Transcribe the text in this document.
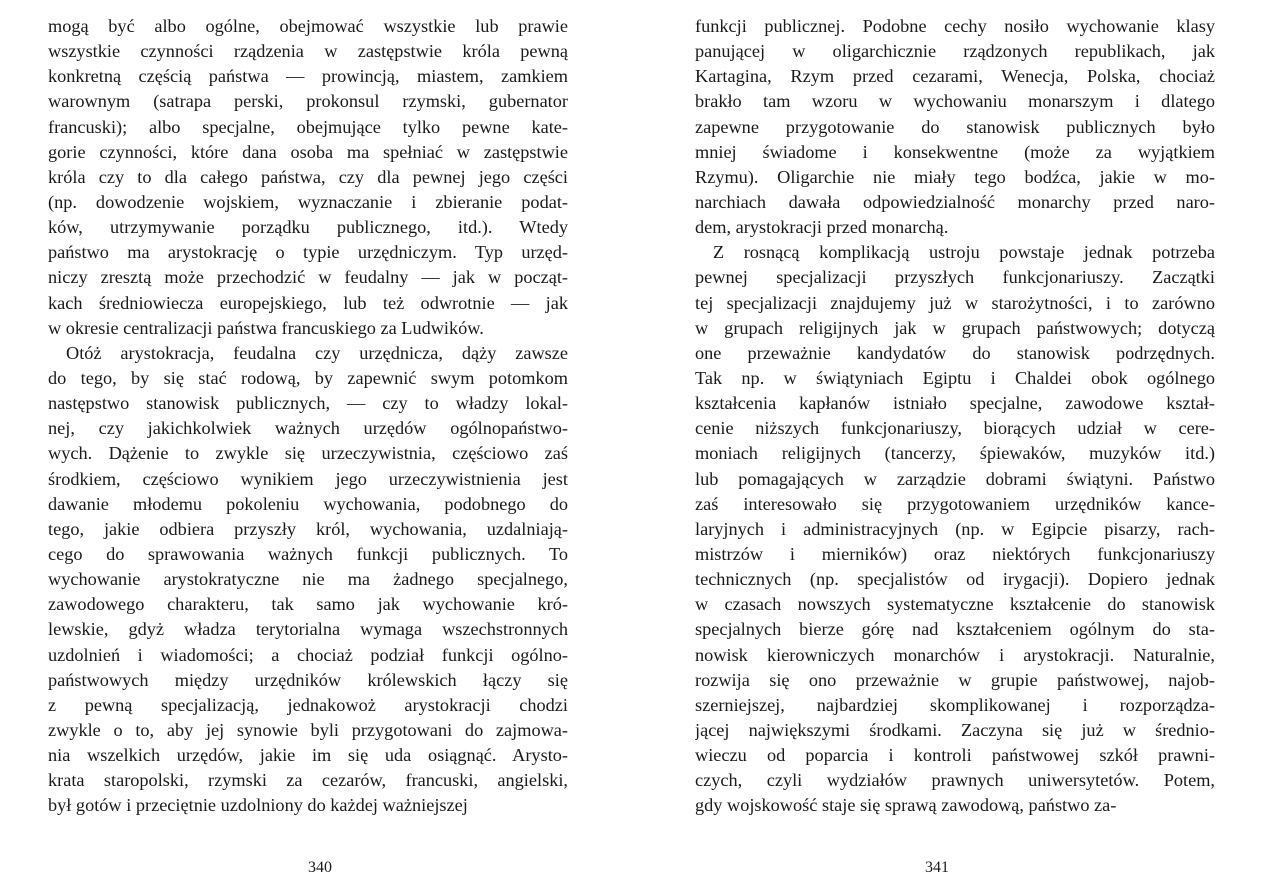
mogą być albo ogólne, obejmować wszystkie lub prawie
wszystkie czynności rządzenia w zastępstwie króla pewną
konkretną częścią państwa — prowincją, miastem, zamkiem
warownym (satrapa perski, prokonsul rzymski, gubernator
francuski); albo specjalne, obejmujące tylko pewne kate-
gorie czynności, które dana osoba ma spełniać w zastępstwie
króla czy to dla całego państwa, czy dla pewnej jego części
(np. dowodzenie wojskiem, wyznaczanie i zbieranie podat-
ków, utrzymywanie porządku publicznego, itd.). Wtedy
państwo ma arystokrację o typie urzędniczym. Typ urzęd-
niczy zresztą może przechodzić w feudalny — jak w począt-
kach średniowiecza europejskiego, lub też odwrotnie — jak
w okresie centralizacji państwa francuskiego za Ludwików.
Otóż arystokracja, feudalna czy urzędnicza, dąży zawsze
do tego, by się stać rodową, by zapewnić swym potomkom
następstwo stanowisk publicznych, — czy to władzy lokal-
nej, czy jakichkolwiek ważnych urzędów ogólnopaństwo-
wych. Dążenie to zwykle się urzeczywistnia, częściowo zaś
środkiem, częściowo wynikiem jego urzeczywistnienia jest
dawanie młodemu pokoleniu wychowania, podobnego do
tego, jakie odbiera przyszły król, wychowania, uzdalniają-
cego do sprawowania ważnych funkcji publicznych. To
wychowanie arystokratyczne nie ma żadnego specjalnego,
zawodowego charakteru, tak samo jak wychowanie kró-
lewskie, gdyż władza terytorialna wymaga wszechstronnych
uzdolnień i wiadomości; a chociaż podział funkcji ogólno-
państwowych między urzędników królewskich łączy się
z pewną specjalizacją, jednakowoż arystokracji chodzi
zwykle o to, aby jej synowie byli przygotowani do zajmowa-
nia wszelkich urzędów, jakie im się uda osiągnąć. Arysto-
krata staropolski, rzymski za cezarów, francuski, angielski,
był gotów i przeciętnie uzdolniony do każdej ważniejszej
340
funkcji publicznej. Podobne cechy nosiło wychowanie klasy
panującej w oligarchicznie rządzonych republikach, jak
Kartagina, Rzym przed cezarami, Wenecja, Polska, chociaż
brakło tam wzoru w wychowaniu monarszym i dlatego
zapewne przygotowanie do stanowisk publicznych było
mniej świadome i konsekwentne (może za wyjątkiem
Rzymu). Oligarchie nie miały tego bodźca, jakie w mo-
narchiach dawała odpowiedzialność monarchy przed naro-
dem, arystokracji przed monarchą.
Z rosnącą komplikacją ustroju powstaje jednak potrzeba
pewnej specjalizacji przyszłych funkcjonariuszy. Zaczątki
tej specjalizacji znajdujemy już w starożytności, i to zarówno
w grupach religijnych jak w grupach państwowych; dotyczą
one przeważnie kandydatów do stanowisk podrzędnych.
Tak np. w świątyniach Egiptu i Chaldei obok ogólnego
kształcenia kapłanów istniało specjalne, zawodowe kształ-
cenie niższych funkcjonariuszy, biorących udział w cere-
moniach religijnych (tancerzy, śpiewaków, muzyków itd.)
lub pomagających w zarządzie dobrami świątyni. Państwo
zaś interesowało się przygotowaniem urzędników kance-
laryjnych i administracyjnych (np. w Egipcie pisarzy, rach-
mistrzów i mierników) oraz niektórych funkcjonariuszy
technicznych (np. specjalistów od irygacji). Dopiero jednak
w czasach nowszych systematyczne kształcenie do stanowisk
specjalnych bierze górę nad kształceniem ogólnym do sta-
nowisk kierowniczych monarchów i arystokracji. Naturalnie,
rozwija się ono przeważnie w grupie państwowej, najob-
szerniejszej, najbardziej skomplikowanej i rozporządza-
jącej największymi środkami. Zaczyna się już w średnio-
wieczu od poparcia i kontroli państwowej szkół prawni-
czych, czyli wydziałów prawnych uniwersytetów. Potem,
gdy wojskowość staje się sprawą zawodową, państwo za-
341
